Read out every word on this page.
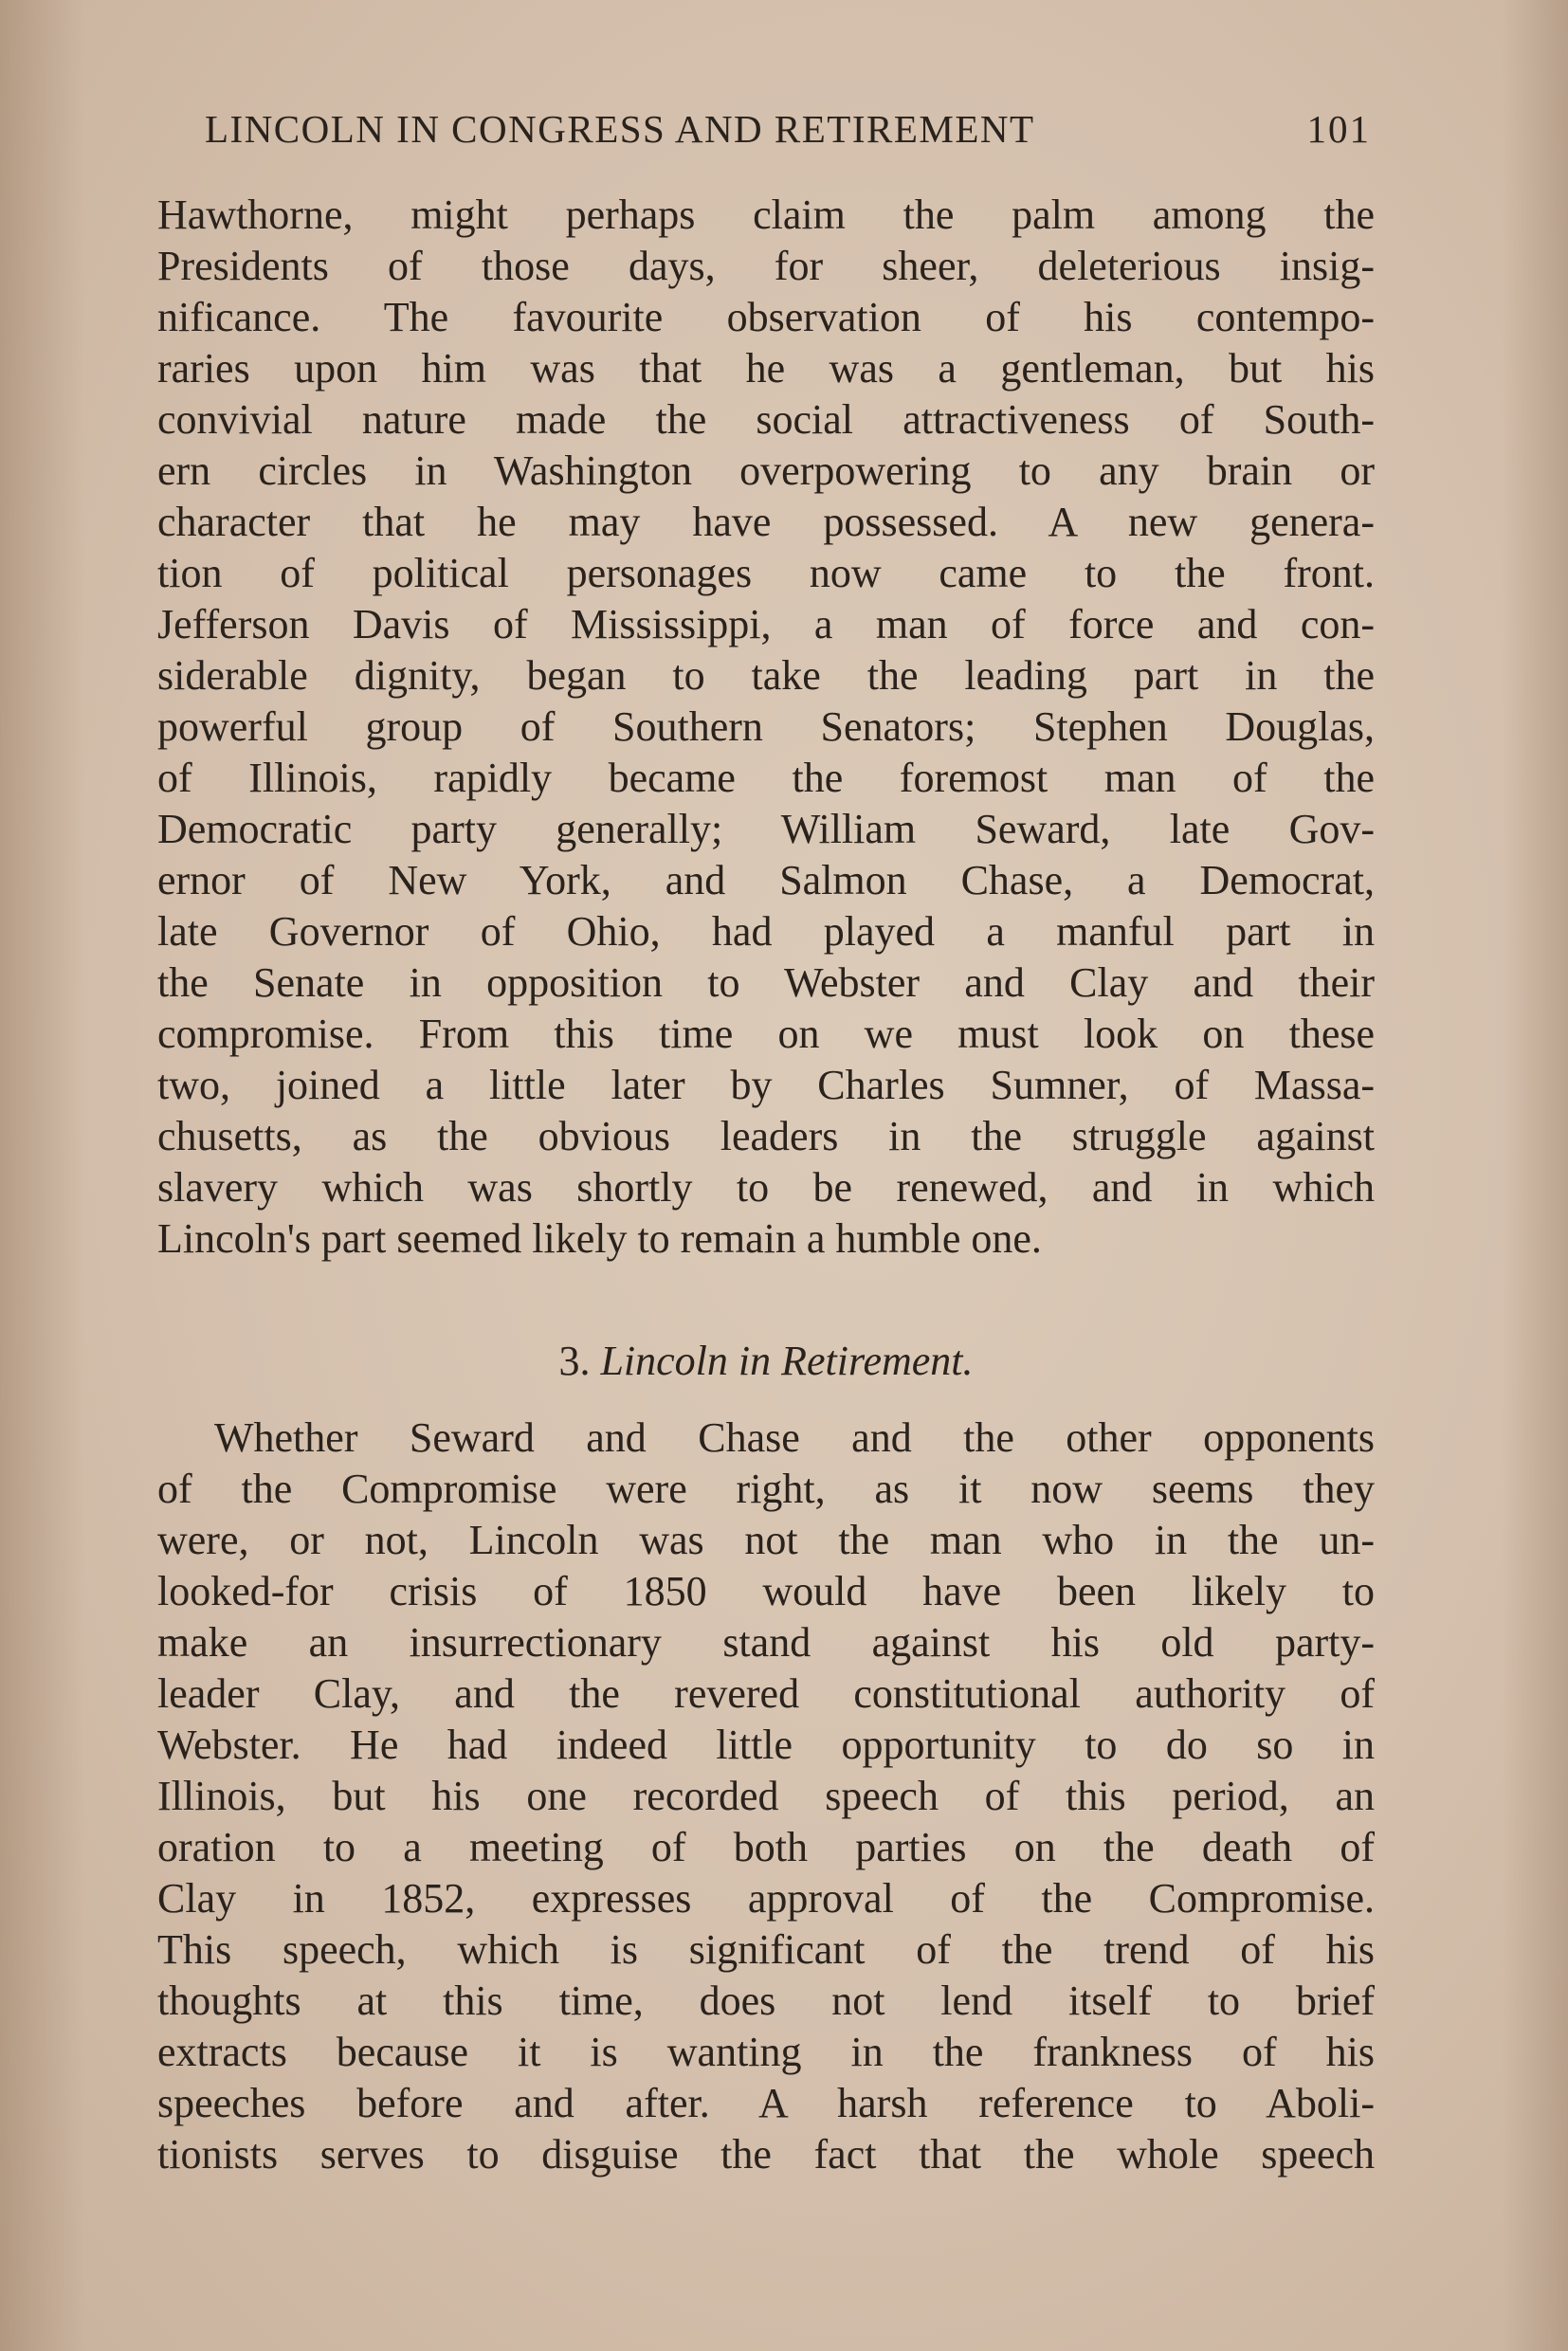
LINCOLN IN CONGRESS AND RETIREMENT	101
Hawthorne, might perhaps claim the palm among the
Presidents of those days, for sheer, deleterious insig-
nificance. The favourite observation of his contempo-
raries upon him was that he was a gentleman, but his
convivial nature made the social attractiveness of South-
ern circles in Washington overpowering to any brain or
character that he may have possessed. A new genera-
tion of political personages now came to the front.
Jefferson Davis of Mississippi, a man of force and con-
siderable dignity, began to take the leading part in the
powerful group of Southern Senators; Stephen Douglas,
of Illinois, rapidly became the foremost man of the
Democratic party generally; William Seward, late Gov-
ernor of New York, and Salmon Chase, a Democrat,
late Governor of Ohio, had played a manful part in
the Senate in opposition to Webster and Clay and their
compromise. From this time on we must look on these
two, joined a little later by Charles Sumner, of Massa-
chusetts, as the obvious leaders in the struggle against
slavery which was shortly to be renewed, and in which
Lincoln's part seemed likely to remain a humble one.
3. Lincoln in Retirement.
Whether Seward and Chase and the other opponents
of the Compromise were right, as it now seems they
were, or not, Lincoln was not the man who in the un-
looked-for crisis of 1850 would have been likely to
make an insurrectionary stand against his old party-
leader Clay, and the revered constitutional authority of
Webster. He had indeed little opportunity to do so in
Illinois, but his one recorded speech of this period, an
oration to a meeting of both parties on the death of
Clay in 1852, expresses approval of the Compromise.
This speech, which is significant of the trend of his
thoughts at this time, does not lend itself to brief
extracts because it is wanting in the frankness of his
speeches before and after. A harsh reference to Aboli-
tionists serves to disguise the fact that the whole speech
